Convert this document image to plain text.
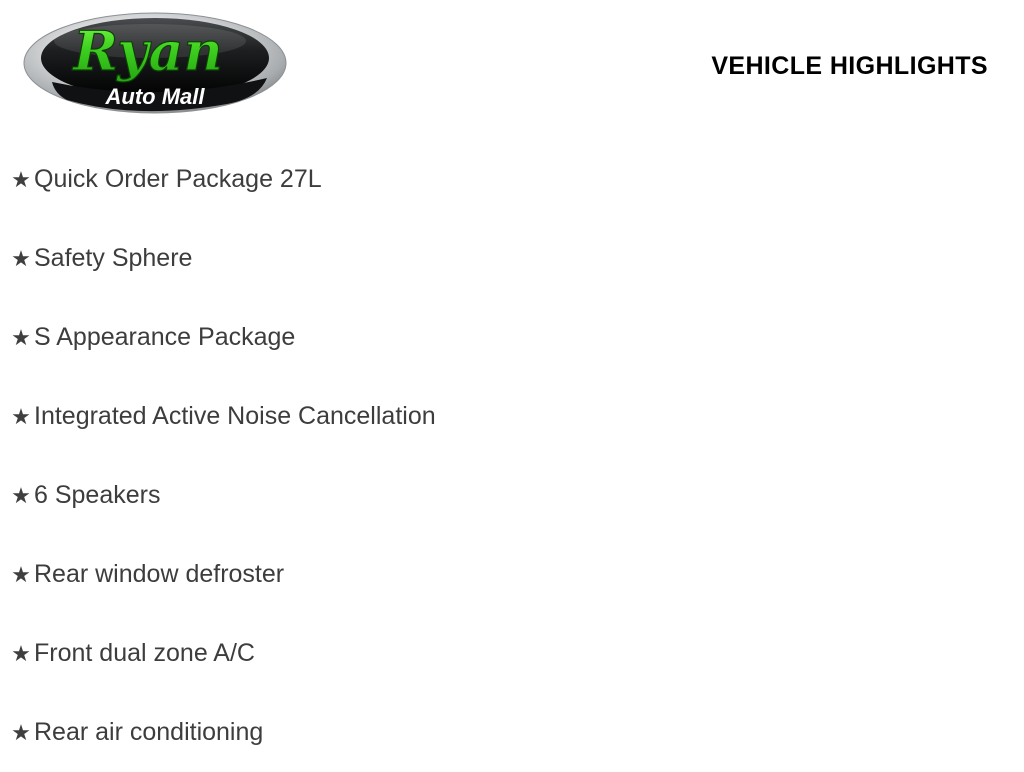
Ryan
Auto Mall
VEHICLE HIGHLIGHTS
★ Quick Order Package 27L
★ Safety Sphere
★ S Appearance Package
★ Integrated Active Noise Cancellation
★ 6 Speakers
★ Rear window defroster
★ Front dual zone A/C
★ Rear air conditioning
